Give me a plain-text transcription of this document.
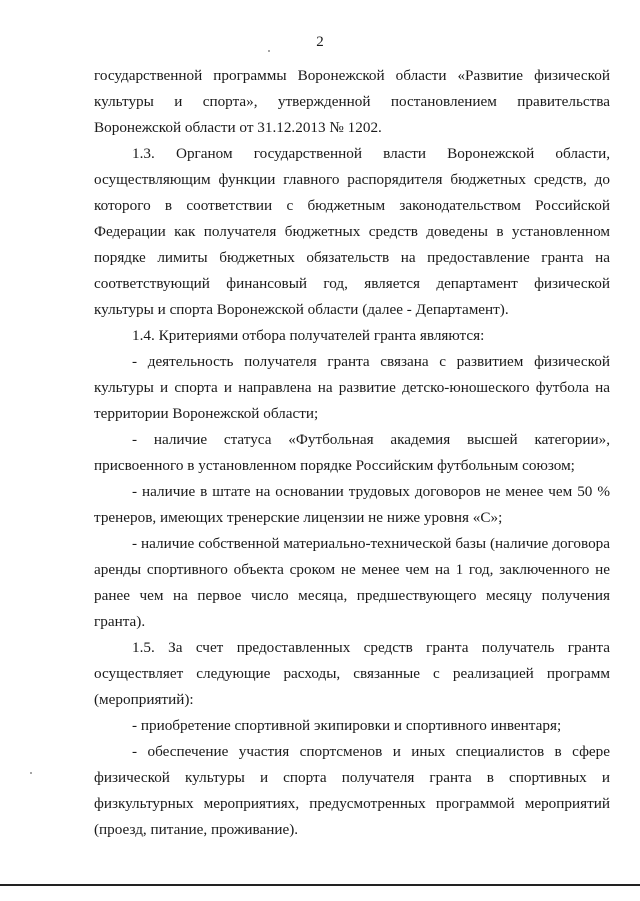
2

государственной программы Воронежской области «Развитие физической культуры и спорта», утвержденной постановлением правительства Воронежской области от 31.12.2013 № 1202.

1.3. Органом государственной власти Воронежской области, осуществляющим функции главного распорядителя бюджетных средств, до которого в соответствии с бюджетным законодательством Российской Федерации как получателя бюджетных средств доведены в установленном порядке лимиты бюджетных обязательств на предоставление гранта на соответствующий финансовый год, является департамент физической культуры и спорта Воронежской области (далее - Департамент).

1.4. Критериями отбора получателей гранта являются:

- деятельность получателя гранта связана с развитием физической культуры и спорта и направлена на развитие детско-юношеского футбола на территории Воронежской области;

- наличие статуса «Футбольная академия высшей категории», присвоенного в установленном порядке Российским футбольным союзом;

- наличие в штате на основании трудовых договоров не менее чем 50 % тренеров, имеющих тренерские лицензии не ниже уровня «С»;

- наличие собственной материально-технической базы (наличие договора аренды спортивного объекта сроком не менее чем на 1 год, заключенного не ранее чем на первое число месяца, предшествующего месяцу получения гранта).

1.5. За счет предоставленных средств гранта получатель гранта осуществляет следующие расходы, связанные с реализацией программ (мероприятий):

- приобретение спортивной экипировки и спортивного инвентаря;

- обеспечение участия спортсменов и иных специалистов в сфере физической культуры и спорта получателя гранта в спортивных и физкультурных мероприятиях, предусмотренных программой мероприятий (проезд, питание, проживание).
